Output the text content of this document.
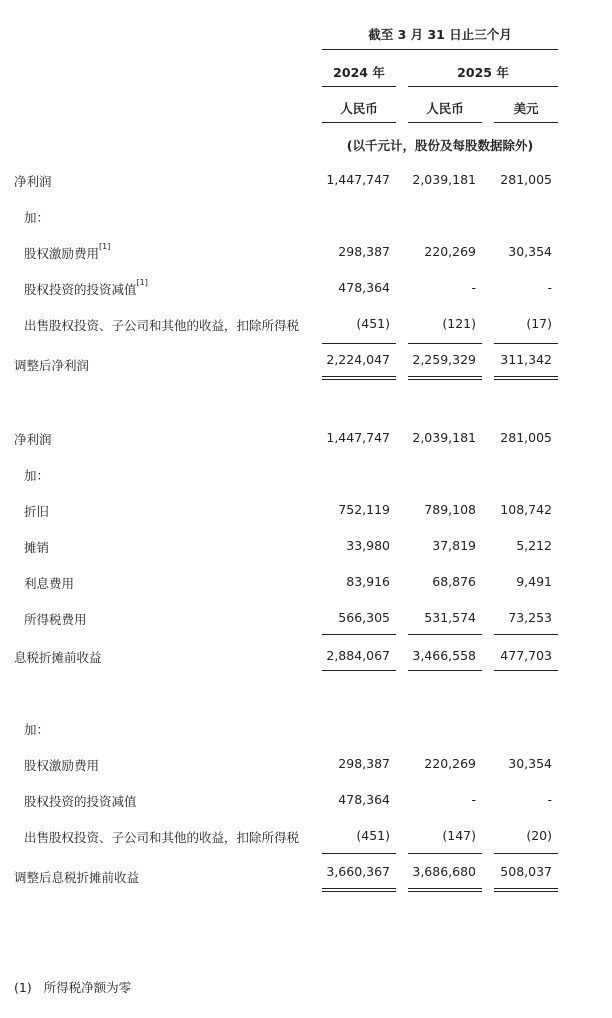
截至 3 月 31 日止三个月
2024 年	2025 年
人民币	人民币	美元
(以千元计，股份及每股数据除外)
净利润	1,447,747	2,039,181	281,005
加：
股权激励费用[1]	298,387	220,269	30,354
股权投资的投资减值[1]	478,364	-	-
出售股权投资、子公司和其他的收益，扣除所得税	(451)	(121)	(17)
调整后净利润	2,224,047	2,259,329	311,342
净利润	1,447,747	2,039,181	281,005
加：
折旧	752,119	789,108	108,742
摊销	33,980	37,819	5,212
利息费用	83,916	68,876	9,491
所得税费用	566,305	531,574	73,253
息税折摊前收益	2,884,067	3,466,558	477,703
加：
股权激励费用	298,387	220,269	30,354
股权投资的投资减值	478,364	-	-
出售股权投资、子公司和其他的收益，扣除所得税	(451)	(147)	(20)
调整后息税折摊前收益	3,660,367	3,686,680	508,037
(1) 所得税净额为零
